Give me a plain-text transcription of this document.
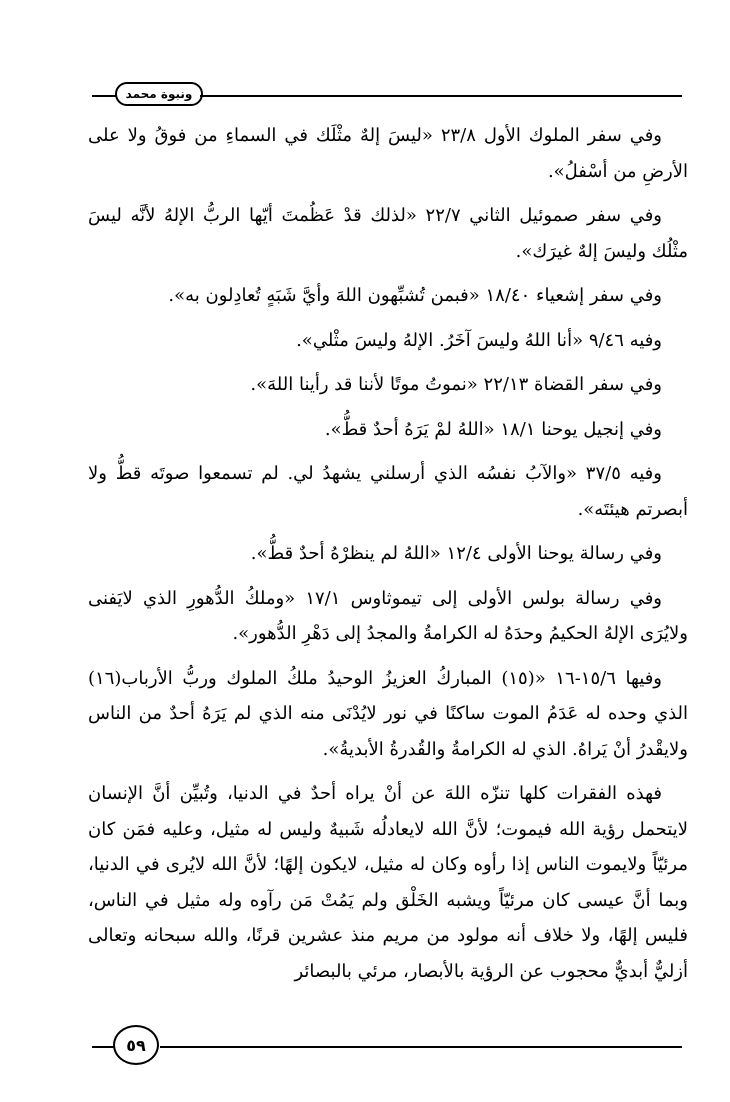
ونبوة محمد

وفي سفر الملوك الأول ٢٣/٨ «ليسَ إلهٌ مثْلَك في السماءِ من فوقُ ولا على الأرضِ من أسْفلُ».

وفي سفر صموئيل الثاني ٢٢/٧ «لذلك قدْ عَظُمتَ أيّها الربُّ الإلهُ لأنَّه ليسَ مثْلُك وليسَ إلهٌ غيرَك».

وفي سفر إشعياء ١٨/٤٠ «فبمن تُشبِّهون اللهَ وأيَّ شَبَهٍ تُعادِلون به».

وفيه ٩/٤٦ «أنا اللهُ وليسَ آخَرُ. الإلهُ وليسَ مثْلي».

وفي سفر القضاة ٢٢/١٣ «نموتُ موتًا لأننا قد رأينا اللهَ».

وفي إنجيل يوحنا ١٨/١ «اللهُ لمْ يَرَهُ أحدٌ قطُّ».

وفيه ٣٧/٥ «والآبُ نفسُه الذي أرسلني يشهدُ لي. لم تسمعوا صوتَه قطُّ ولا أبصرتم هيئتَه».

وفي رسالة يوحنا الأولى ١٢/٤ «اللهُ لم ينظرْهُ أحدٌ قطُّ».

وفي رسالة بولس الأولى إلى تيموثاوس ١٧/١ «وملكُ الدُّهورِ الذي لايَفنى ولايُرَى الإلهُ الحكيمُ وحدَهُ له الكرامةُ والمجدُ إلى دَهْرِ الدُّهور».

وفيها ١٥/٦-١٦ «(١٥) المباركُ العزيزُ الوحيدُ ملكُ الملوك وربُّ الأرباب(١٦) الذي وحده له عَدَمُ الموت ساكنًا في نور لايُدْنَى منه الذي لم يَرَهُ أحدٌ من الناس ولايقْدرُ أنْ يَراهُ. الذي له الكرامةُ والقُدرةُ الأبديةُ».

فهذه الفقرات كلها تنزّه اللهَ عن أنْ يراه أحدٌ في الدنيا، وتُبيِّن أنَّ الإنسان لايتحمل رؤية الله فيموت؛ لأنَّ الله لايعادلُه شَبيهٌ وليس له مثيل، وعليه فمَن كان مرئيّاً ولايموت الناس إذا رأوه وكان له مثيل، لايكون إلهًا؛ لأنَّ الله لايُرى في الدنيا، وبما أنَّ عيسى كان مرئيّاً ويشبه الخَلْق ولم يَمُتْ مَن رآوه وله مثيل في الناس، فليس إلهًا، ولا خلاف أنه مولود من مريم منذ عشرين قرنًا، والله سبحانه وتعالى أزليٌّ أبديٌّ محجوب عن الرؤية بالأبصار، مرئي بالبصائر

٥٩
